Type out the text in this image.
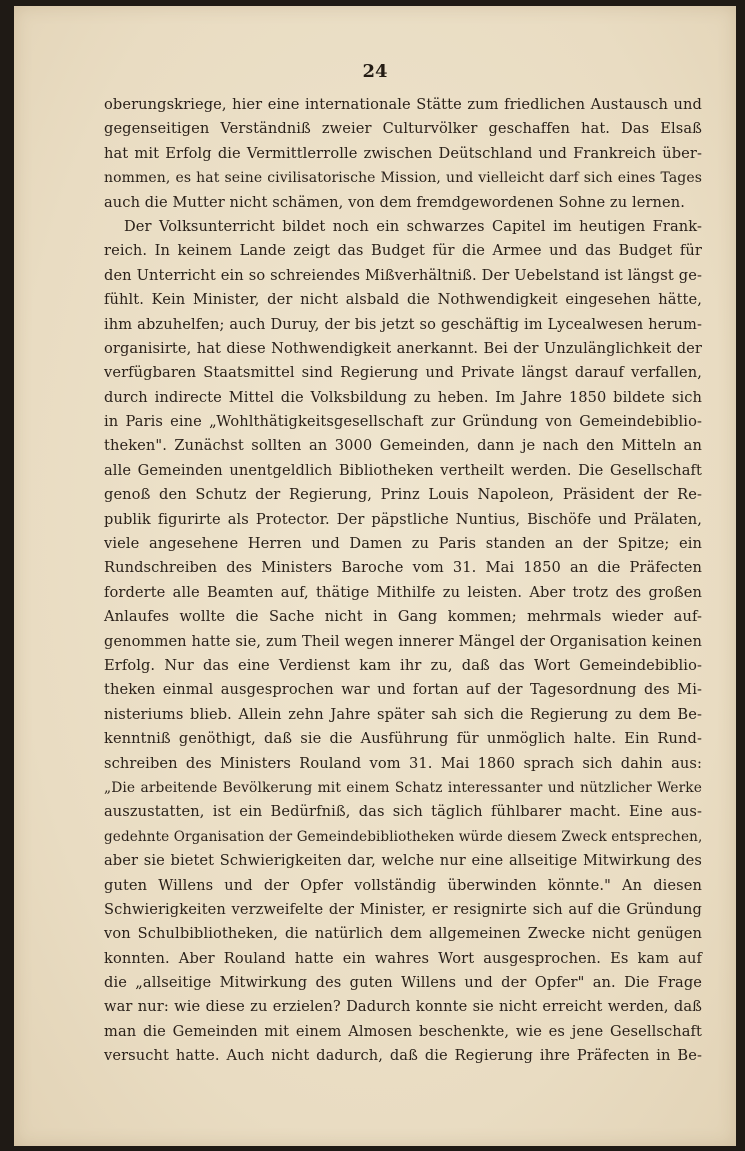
24
oberungskriege, hier eine internationale Stätte zum friedlichen Austausch und
gegenseitigen Verständniß zweier Culturvölker geschaffen hat. Das Elsaß
hat mit Erfolg die Vermittlerrolle zwischen Deütschland und Frankreich über-
nommen, es hat seine civilisatorische Mission, und vielleicht darf sich eines Tages
auch die Mutter nicht schämen, von dem fremdgewordenen Sohne zu lernen.
Der Volksunterricht bildet noch ein schwarzes Capitel im heutigen Frank-
reich. In keinem Lande zeigt das Budget für die Armee und das Budget für
den Unterricht ein so schreiendes Mißverhältniß. Der Uebelstand ist längst ge-
fühlt. Kein Minister, der nicht alsbald die Nothwendigkeit eingesehen hätte,
ihm abzuhelfen; auch Duruy, der bis jetzt so geschäftig im Lycealwesen herum-
organisirte, hat diese Nothwendigkeit anerkannt. Bei der Unzulänglichkeit der
verfügbaren Staatsmittel sind Regierung und Private längst darauf verfallen,
durch indirecte Mittel die Volksbildung zu heben. Im Jahre 1850 bildete sich
in Paris eine „Wohlthätigkeitsgesellschaft zur Gründung von Gemeindebiblio-
theken". Zunächst sollten an 3000 Gemeinden, dann je nach den Mitteln an
alle Gemeinden unentgeldlich Bibliotheken vertheilt werden. Die Gesellschaft
genoß den Schutz der Regierung, Prinz Louis Napoleon, Präsident der Re-
publik figurirte als Protector. Der päpstliche Nuntius, Bischöfe und Prälaten,
viele angesehene Herren und Damen zu Paris standen an der Spitze; ein
Rundschreiben des Ministers Baroche vom 31. Mai 1850 an die Präfecten
forderte alle Beamten auf, thätige Mithilfe zu leisten. Aber trotz des großen
Anlaufes wollte die Sache nicht in Gang kommen; mehrmals wieder auf-
genommen hatte sie, zum Theil wegen innerer Mängel der Organisation keinen
Erfolg. Nur das eine Verdienst kam ihr zu, daß das Wort Gemeindebiblio-
theken einmal ausgesprochen war und fortan auf der Tagesordnung des Mi-
nisteriums blieb. Allein zehn Jahre später sah sich die Regierung zu dem Be-
kenntniß genöthigt, daß sie die Ausführung für unmöglich halte. Ein Rund-
schreiben des Ministers Rouland vom 31. Mai 1860 sprach sich dahin aus:
„Die arbeitende Bevölkerung mit einem Schatz interessanter und nützlicher Werke
auszustatten, ist ein Bedürfniß, das sich täglich fühlbarer macht. Eine aus-
gedehnte Organisation der Gemeindebibliotheken würde diesem Zweck entsprechen,
aber sie bietet Schwierigkeiten dar, welche nur eine allseitige Mitwirkung des
guten Willens und der Opfer vollständig überwinden könnte." An diesen
Schwierigkeiten verzweifelte der Minister, er resignirte sich auf die Gründung
von Schulbibliotheken, die natürlich dem allgemeinen Zwecke nicht genügen
konnten. Aber Rouland hatte ein wahres Wort ausgesprochen. Es kam auf
die „allseitige Mitwirkung des guten Willens und der Opfer" an. Die Frage
war nur: wie diese zu erzielen? Dadurch konnte sie nicht erreicht werden, daß
man die Gemeinden mit einem Almosen beschenkte, wie es jene Gesellschaft
versucht hatte. Auch nicht dadurch, daß die Regierung ihre Präfecten in Be-
